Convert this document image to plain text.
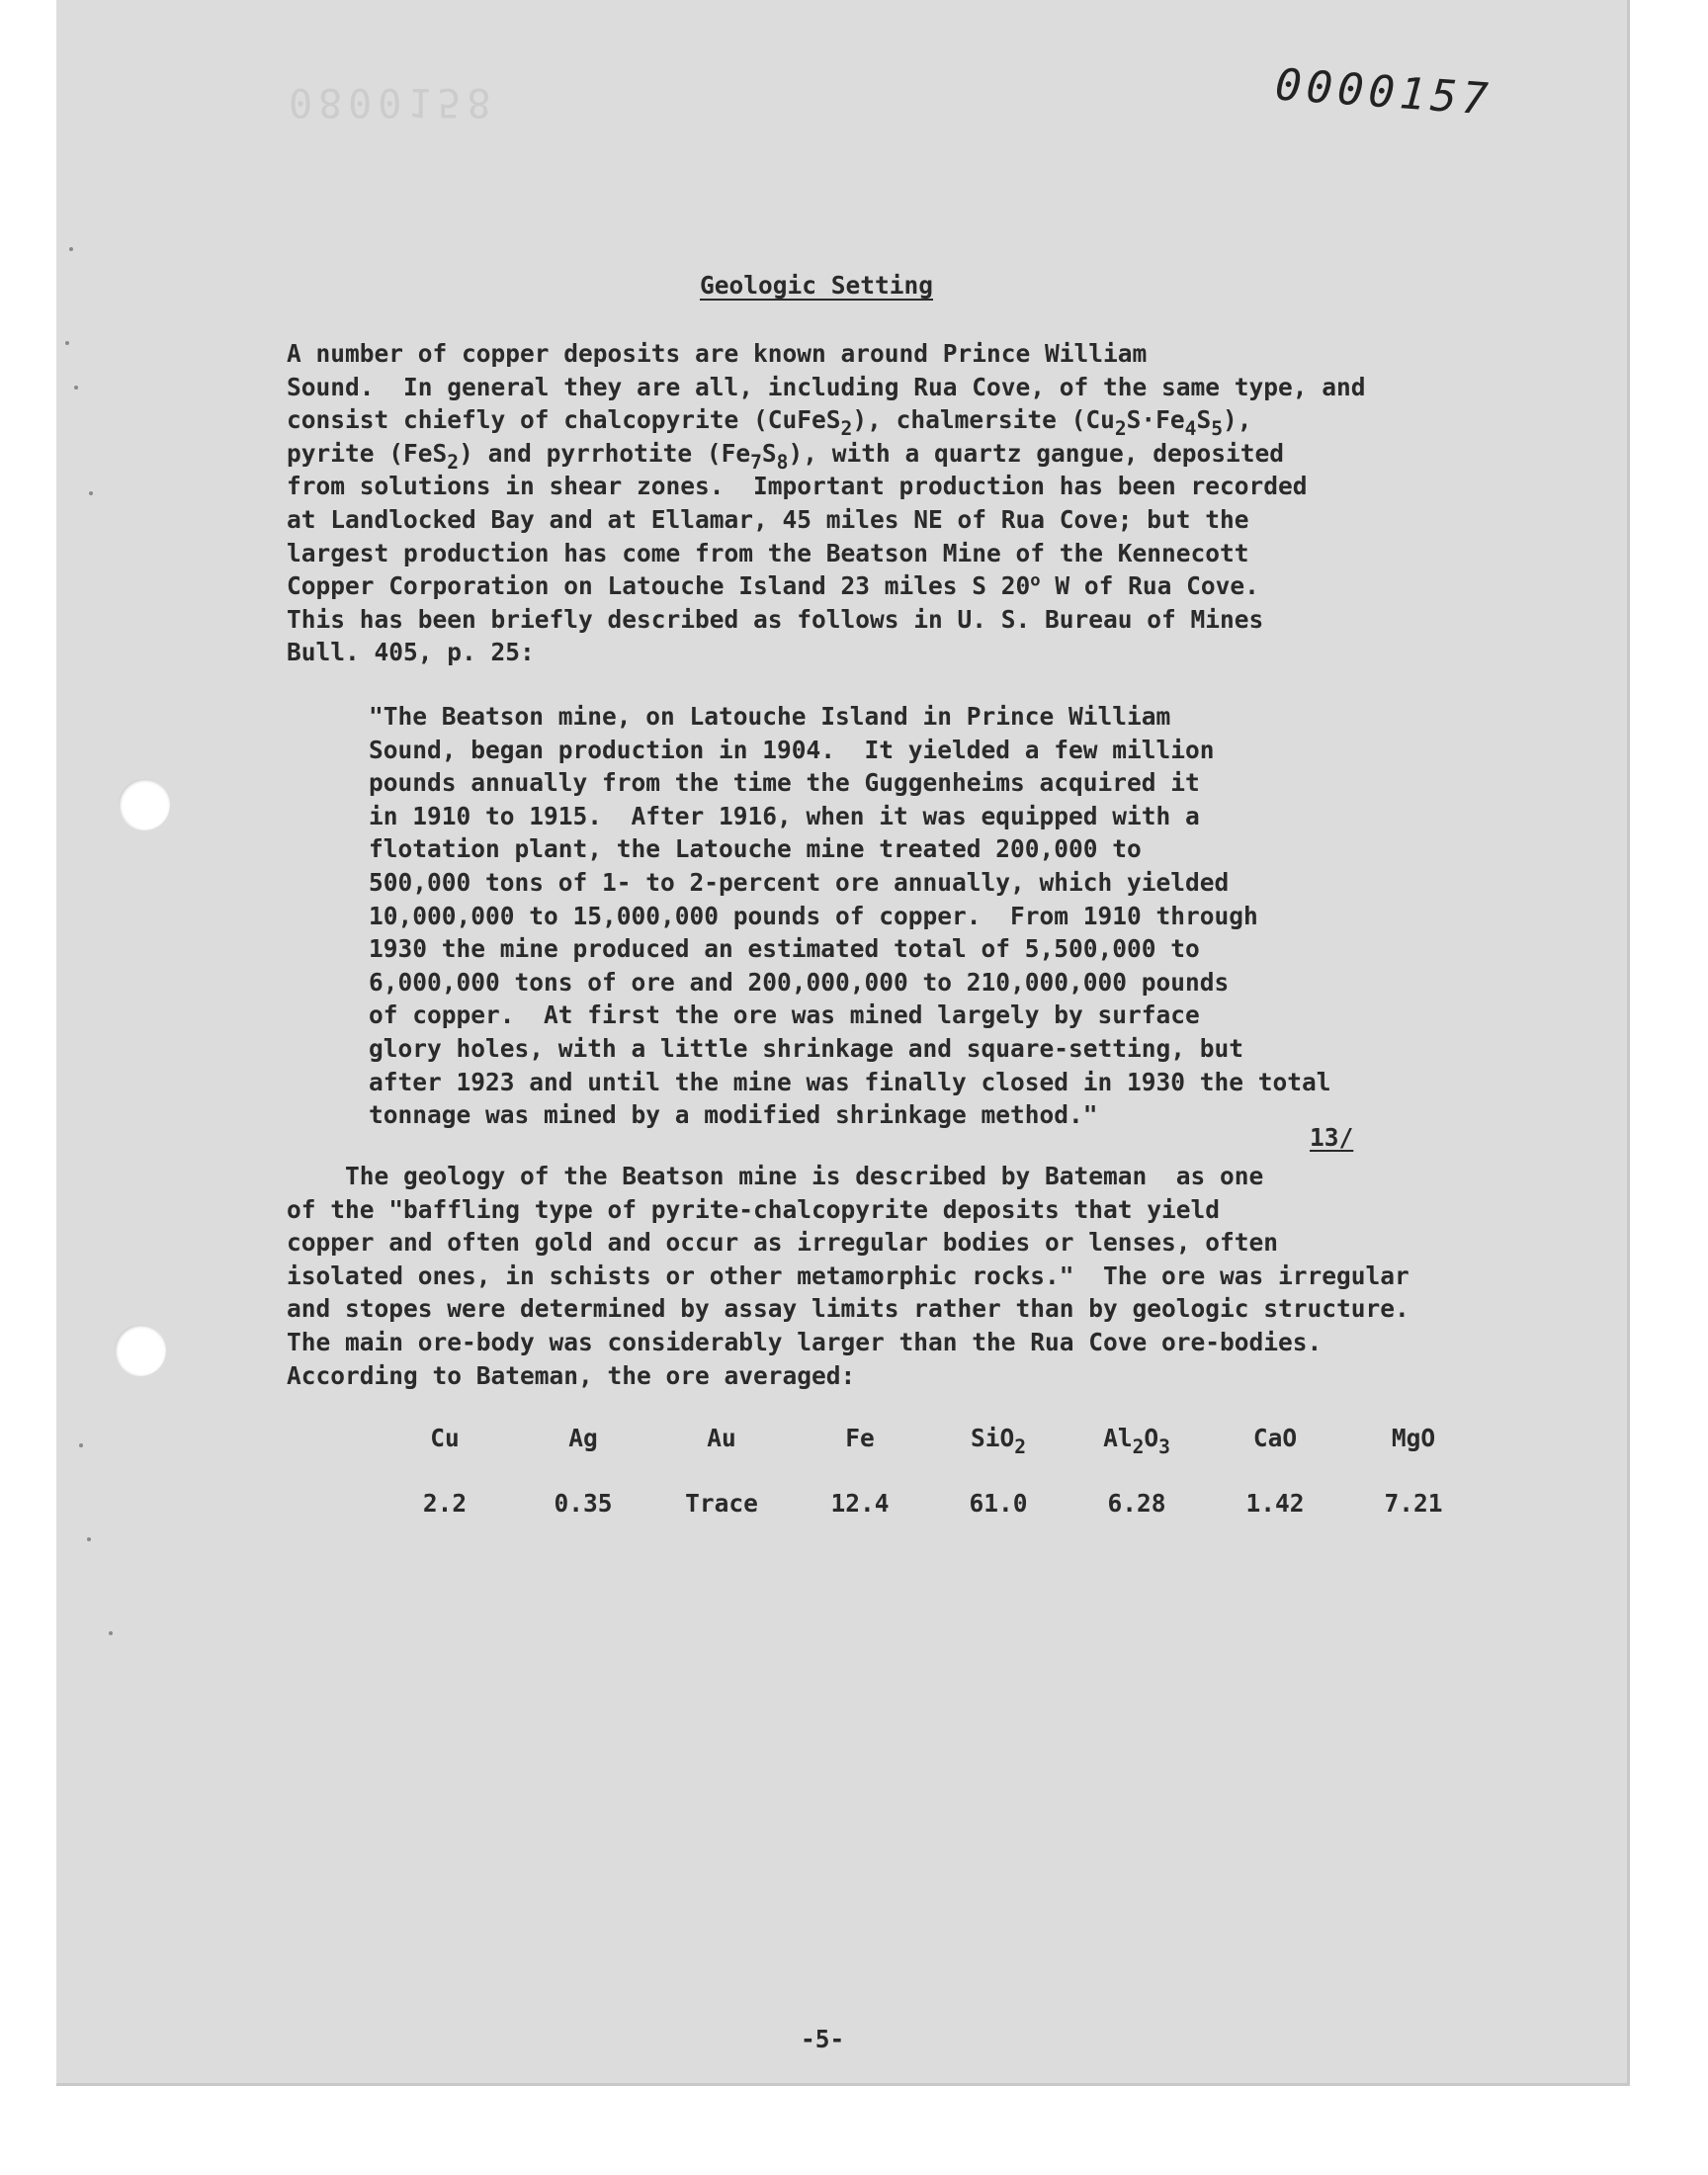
0800158	0000157
Geologic Setting
A number of copper deposits are known around Prince William
Sound.  In general they are all, including Rua Cove, of the same type, and
consist chiefly of chalcopyrite (CuFeS$_2$), chalmersite $(Cu_2S\cdot Fe_4S_5)$,
pyrite (FeS$_2$) and pyrrhotite $(Fe_7S_8)$, with a quartz gangue, deposited
from solutions in shear zones.  Important production has been recorded
at Landlocked Bay and at Ellamar, 45 miles NE of Rua Cove; but the
largest production has come from the Beatson Mine of the Kennecott
Copper Corporation on Latouche Island 23 miles S 20$^o$ W of Rua Cove.
This has been briefly described as follows in U. S. Bureau of Mines
Bull. 405, p. 25:
"The Beatson mine, on Latouche Island in Prince William
Sound, began production in 1904.  It yielded a few million
pounds annually from the time the Guggenheims acquired it
in 1910 to 1915.  After 1916, when it was equipped with a
flotation plant, the Latouche mine treated 200,000 to
500,000 tons of 1- to 2-percent ore annually, which yielded
10,000,000 to 15,000,000 pounds of copper.  From 1910 through
1930 the mine produced an estimated total of 5,500,000 to
6,000,000 tons of ore and 200,000,000 to 210,000,000 pounds
of copper.  At first the ore was mined largely by surface
glory holes, with a little shrinkage and square-setting, but
after 1923 and until the mine was finally closed in 1930 the total
tonnage was mined by a modified shrinkage method."
13/
The geology of the Beatson mine is described by Bateman  as one
of the "baffling type of pyrite-chalcopyrite deposits that yield
copper and often gold and occur as irregular bodies or lenses, often
isolated ones, in schists or other metamorphic rocks."  The ore was irregular
and stopes were determined by assay limits rather than by geologic structure.
The main ore-body was considerably larger than the Rua Cove ore-bodies.
According to Bateman, the ore averaged:
Cu	Ag	Au	Fe	SiO$_2$	$Al_2O_3$	CaO	MgO
2.2	0.35	Trace	12.4	61.0	6.28	1.42	7.21
-5-
